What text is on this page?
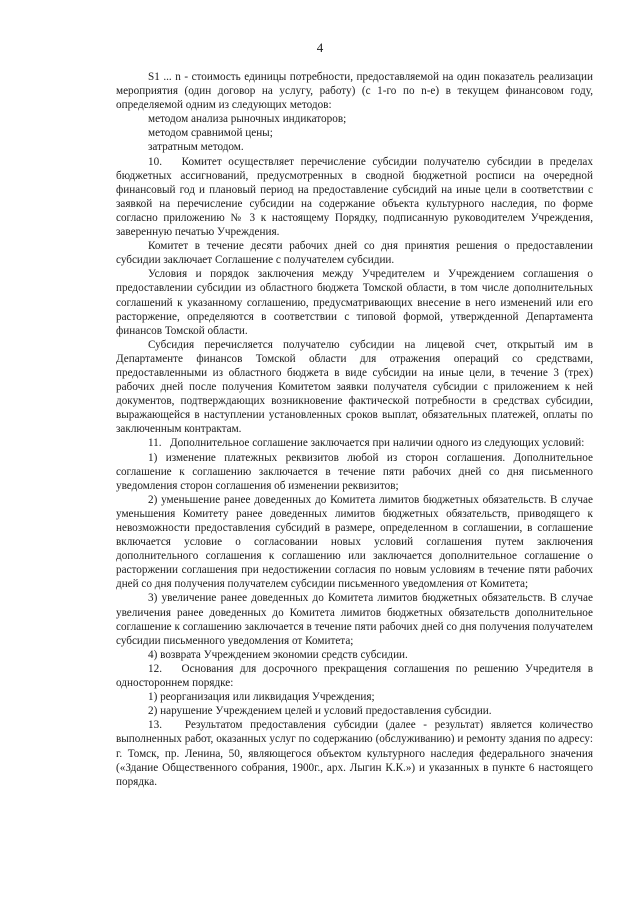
4

S1 ... n - стоимость единицы потребности, предоставляемой на один показатель реализации мероприятия (один договор на услугу, работу) (с 1-го по n-е) в текущем финансовом году, определяемой одним из следующих методов:

методом анализа рыночных индикаторов;

методом сравнимой цены;

затратным методом.

10.   Комитет осуществляет перечисление субсидии получателю субсидии в пределах бюджетных ассигнований, предусмотренных в сводной бюджетной росписи на очередной финансовый год и плановый период на предоставление субсидий на иные цели в соответствии с заявкой на перечисление субсидии на содержание объекта культурного наследия, по форме согласно приложению № 3 к настоящему Порядку, подписанную руководителем Учреждения, заверенную печатью Учреждения.

Комитет в течение десяти рабочих дней со дня принятия решения о предоставлении субсидии заключает Соглашение с получателем субсидии.

Условия и порядок заключения между Учредителем и Учреждением соглашения о предоставлении субсидии из областного бюджета Томской области, в том числе дополнительных соглашений к указанному соглашению, предусматривающих внесение в него изменений или его расторжение, определяются в соответствии с типовой формой, утвержденной Департамента финансов Томской области.

Субсидия перечисляется получателю субсидии на лицевой счет, открытый им в Департаменте финансов Томской области для отражения операций со средствами, предоставленными из областного бюджета в виде субсидии на иные цели, в течение 3 (трех) рабочих дней после получения Комитетом заявки получателя субсидии с приложением к ней документов, подтверждающих возникновение фактической потребности в средствах субсидии, выражающейся в наступлении установленных сроков выплат, обязательных платежей, оплаты по заключенным контрактам.

11.   Дополнительное соглашение заключается при наличии одного из следующих условий:

1) изменение платежных реквизитов любой из сторон соглашения. Дополнительное соглашение к соглашению заключается в течение пяти рабочих дней со дня письменного уведомления сторон соглашения об изменении реквизитов;

2) уменьшение ранее доведенных до Комитета лимитов бюджетных обязательств. В случае уменьшения Комитету ранее доведенных лимитов бюджетных обязательств, приводящего к невозможности предоставления субсидий в размере, определенном в соглашении, в соглашение включается условие о согласовании новых условий соглашения путем заключения дополнительного соглашения к соглашению или заключается дополнительное соглашение о расторжении соглашения при недостижении согласия по новым условиям в течение пяти рабочих дней со дня получения получателем субсидии письменного уведомления от Комитета;

3) увеличение ранее доведенных до Комитета лимитов бюджетных обязательств. В случае увеличения ранее доведенных до Комитета лимитов бюджетных обязательств дополнительное соглашение к соглашению заключается в течение пяти рабочих дней со дня получения получателем субсидии письменного уведомления от Комитета;

4) возврата Учреждением экономии средств субсидии.

12.   Основания для досрочного прекращения соглашения по решению Учредителя в одностороннем порядке:

1) реорганизация или ликвидация Учреждения;

2) нарушение Учреждением целей и условий предоставления субсидии.

13.   Результатом предоставления субсидии (далее - результат) является количество выполненных работ, оказанных услуг по содержанию (обслуживанию) и ремонту здания по адресу: г. Томск, пр. Ленина, 50, являющегося объектом культурного наследия федерального значения («Здание Общественного собрания, 1900г., арх. Лыгин К.К.») и указанных в пункте 6 настоящего порядка.
